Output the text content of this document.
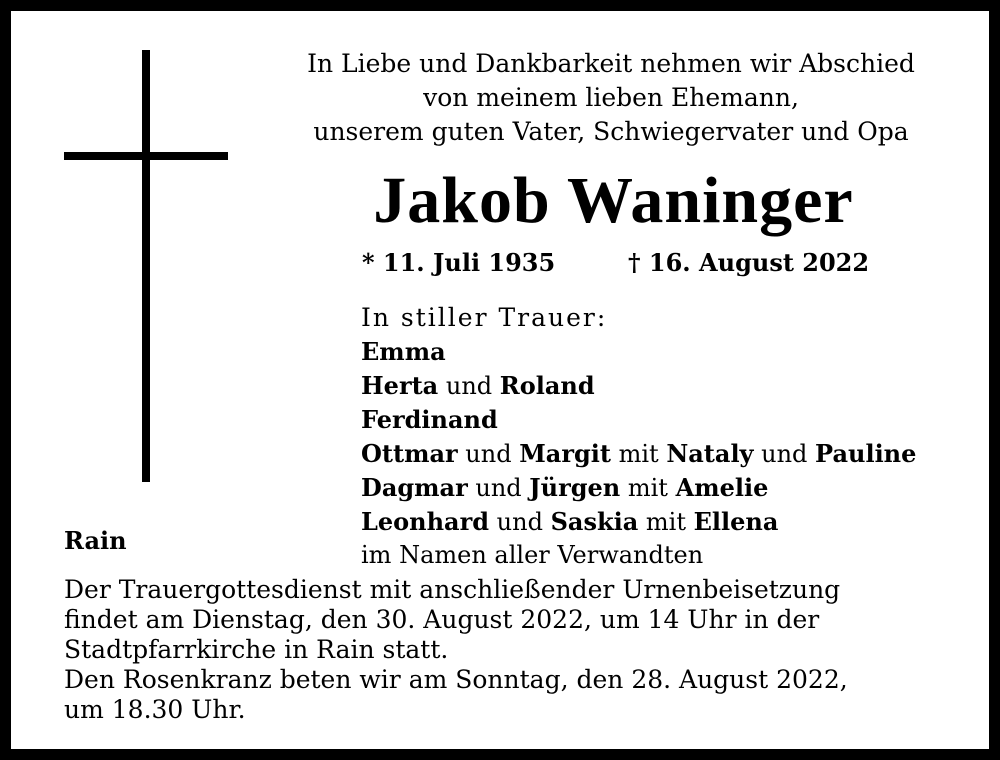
In Liebe und Dankbarkeit nehmen wir Abschied
von meinem lieben Ehemann,
unserem guten Vater, Schwiegervater und Opa
Jakob Waninger
* 11. Juli 1935	† 16. August 2022
In stiller Trauer:
Emma
Herta und Roland
Ferdinand
Ottmar und Margit mit Nataly und Pauline
Dagmar und Jürgen mit Amelie
Leonhard und Saskia mit Ellena
im Namen aller Verwandten
Rain
Der Trauergottesdienst mit anschließender Urnenbeisetzung
findet am Dienstag, den 30. August 2022, um 14 Uhr in der
Stadtpfarrkirche in Rain statt.
Den Rosenkranz beten wir am Sonntag, den 28. August 2022,
um 18.30 Uhr.
